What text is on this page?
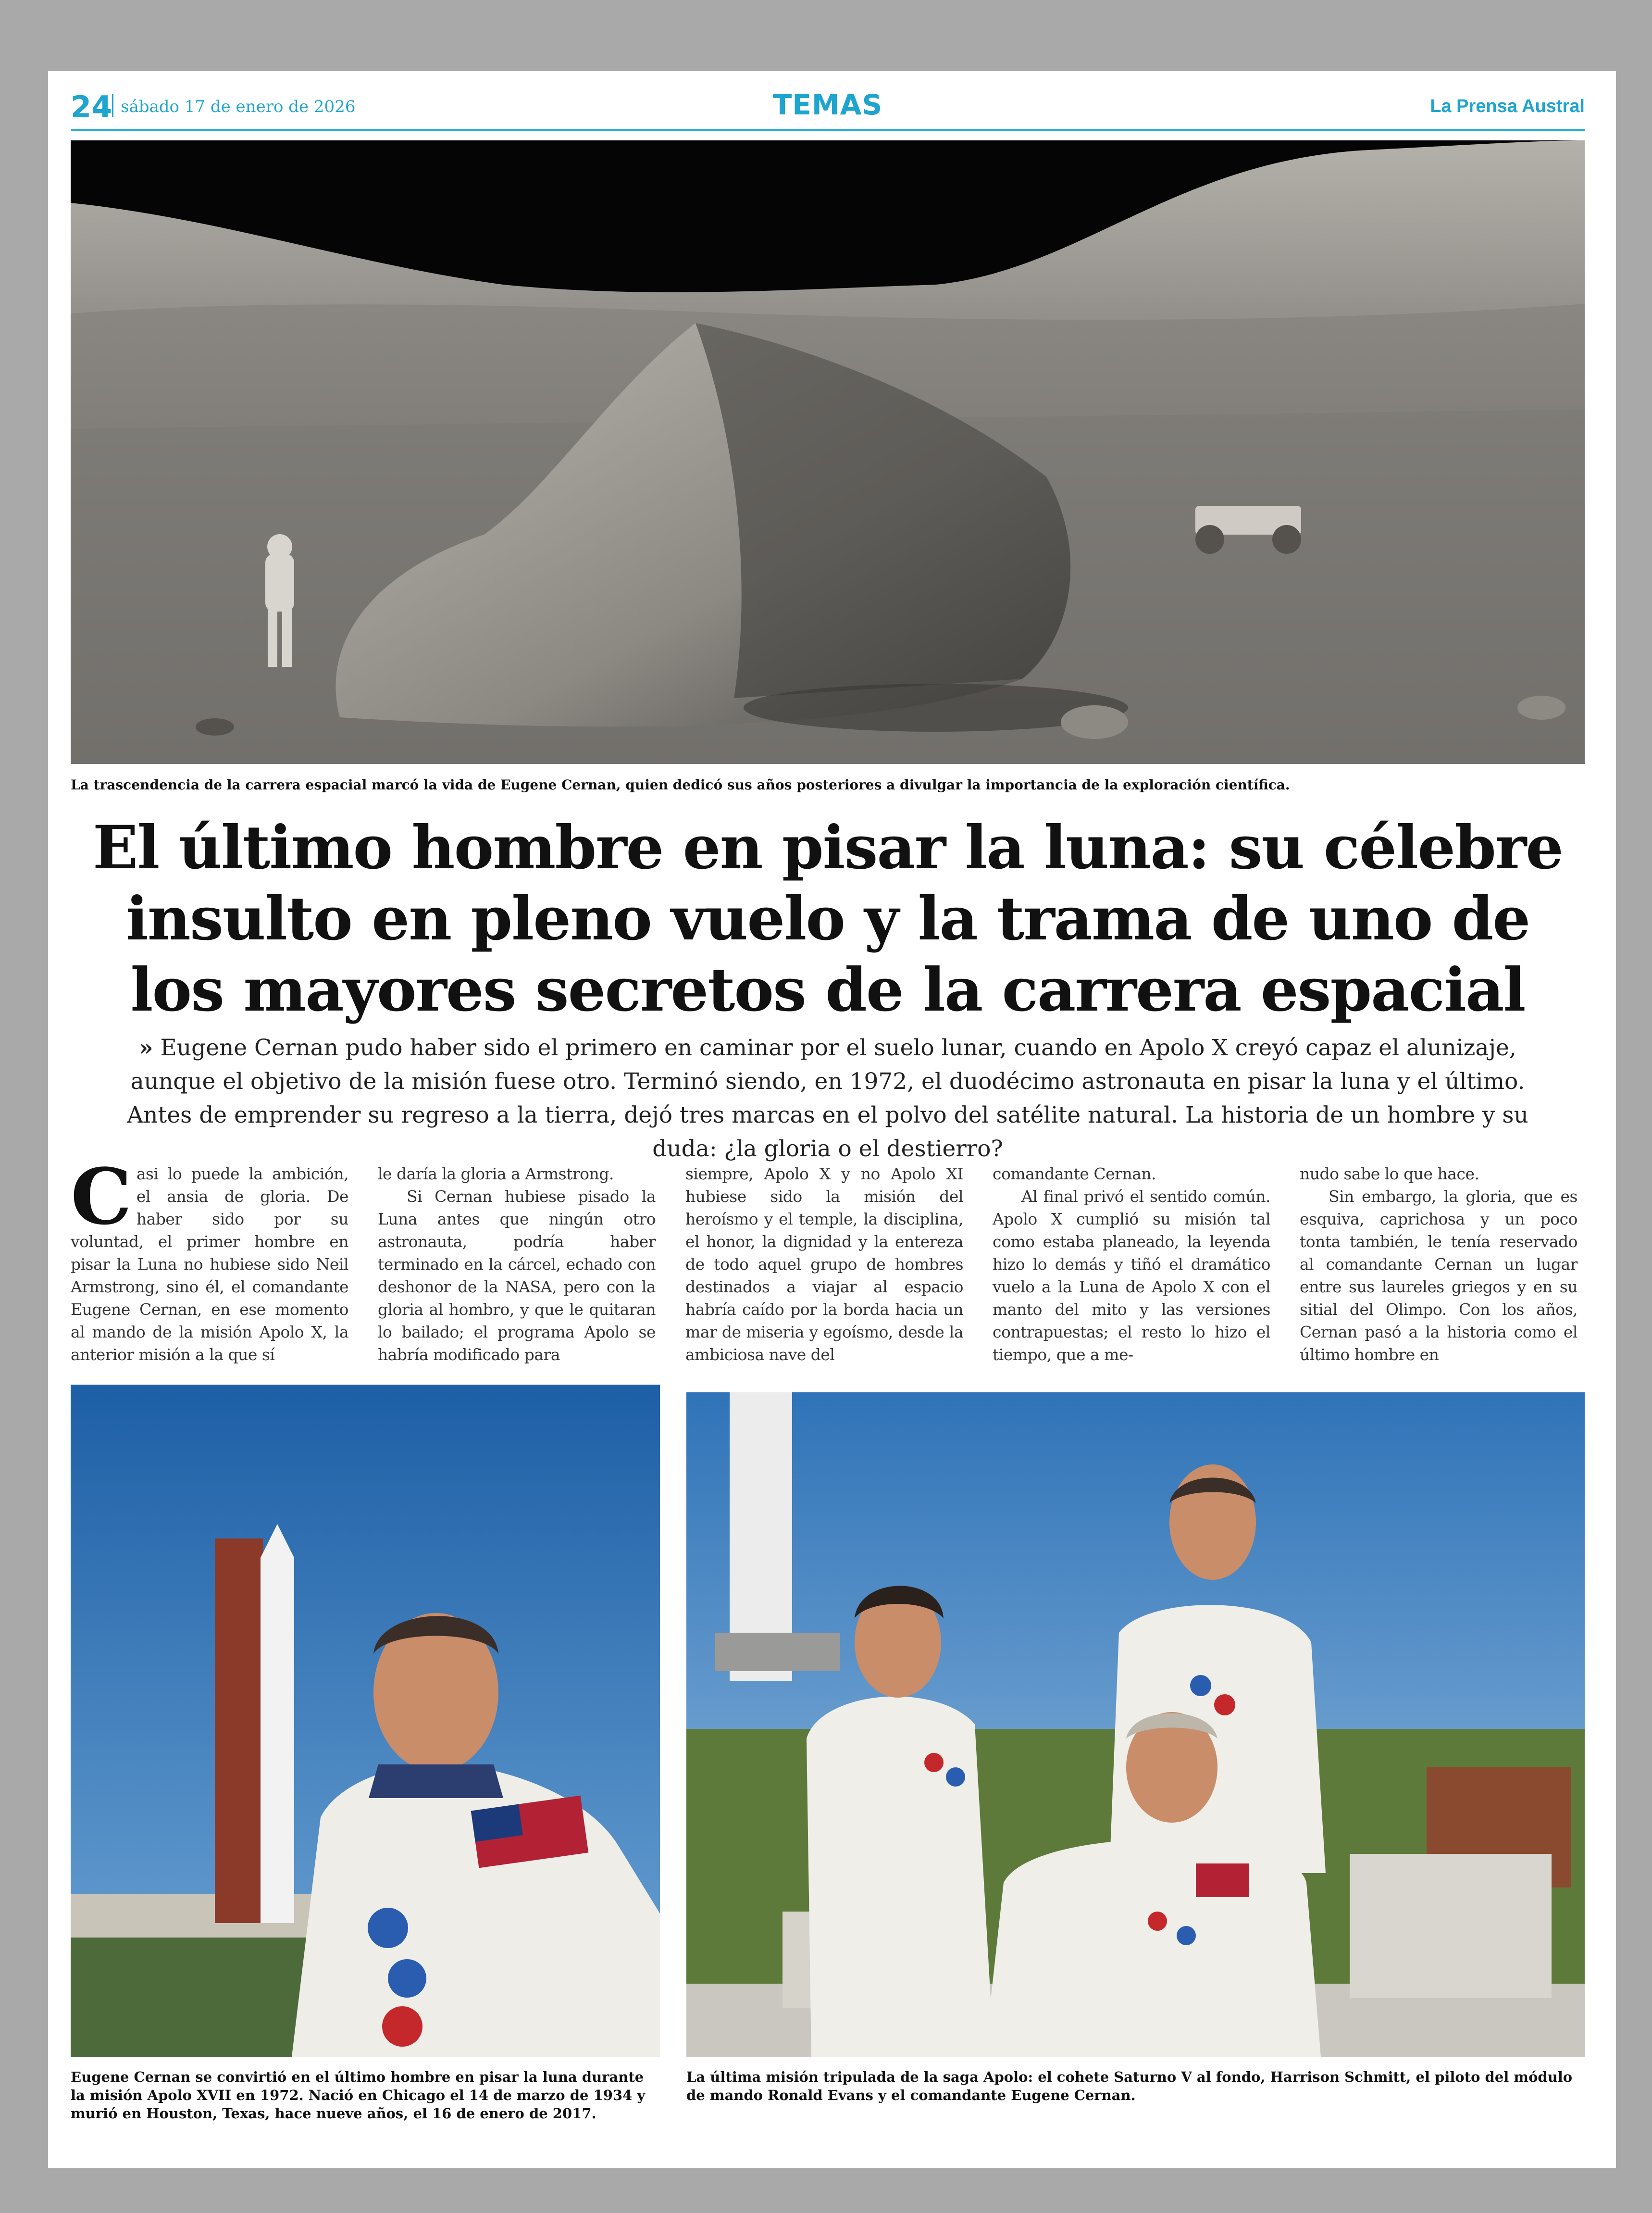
24 sábado 17 de enero de 2026	TEMAS	La Prensa Austral
La trascendencia de la carrera espacial marcó la vida de Eugene Cernan, quien dedicó sus años posteriores a divulgar la importancia de la exploración científica.
El último hombre en pisar la luna: su célebre
insulto en pleno vuelo y la trama de uno de
los mayores secretos de la carrera espacial
» Eugene Cernan pudo haber sido el primero en caminar por el suelo lunar, cuando en Apolo X creyó capaz el alunizaje, aunque el objetivo de la misión fuese otro. Terminó siendo, en 1972, el duodécimo astronauta en pisar la luna y el último. Antes de emprender su regreso a la tierra, dejó tres marcas en el polvo del satélite natural. La historia de un hombre y su duda: ¿la gloria o el destierro?
Casi lo puede la ambición, el ansia de gloria. De haber sido por su voluntad, el primer hombre en pisar la Luna no hubiese sido Neil Armstrong, sino él, el comandante Eugene Cernan, en ese momento al mando de la misión Apolo X, la anterior misión a la que sí
le daría la gloria a Armstrong.
Si Cernan hubiese pisado la Luna antes que ningún otro astronauta, podría haber terminado en la cárcel, echado con deshonor de la NASA, pero con la gloria al hombro, y que le quitaran lo bailado; el programa Apolo se habría modificado para
siempre, Apolo X y no Apolo XI hubiese sido la misión del heroísmo y el temple, la disciplina, el honor, la dignidad y la entereza de todo aquel grupo de hombres destinados a viajar al espacio habría caído por la borda hacia un mar de miseria y egoísmo, desde la ambiciosa nave del
comandante Cernan.
Al final privó el sentido común. Apolo X cumplió su misión tal como estaba planeado, la leyenda hizo lo demás y tiñó el dramático vuelo a la Luna de Apolo X con el manto del mito y las versiones contrapuestas; el resto lo hizo el tiempo, que a me-
nudo sabe lo que hace.
Sin embargo, la gloria, que es esquiva, caprichosa y un poco tonta también, le tenía reservado al comandante Cernan un lugar entre sus laureles griegos y en su sitial del Olimpo. Con los años, Cernan pasó a la historia como el último hombre en
Eugene Cernan se convirtió en el último hombre en pisar la luna durante la misión Apolo XVII en 1972. Nació en Chicago el 14 de marzo de 1934 y murió en Houston, Texas, hace nueve años, el 16 de enero de 2017.
La última misión tripulada de la saga Apolo: el cohete Saturno V al fondo, Harrison Schmitt, el piloto del módulo de mando Ronald Evans y el comandante Eugene Cernan.
